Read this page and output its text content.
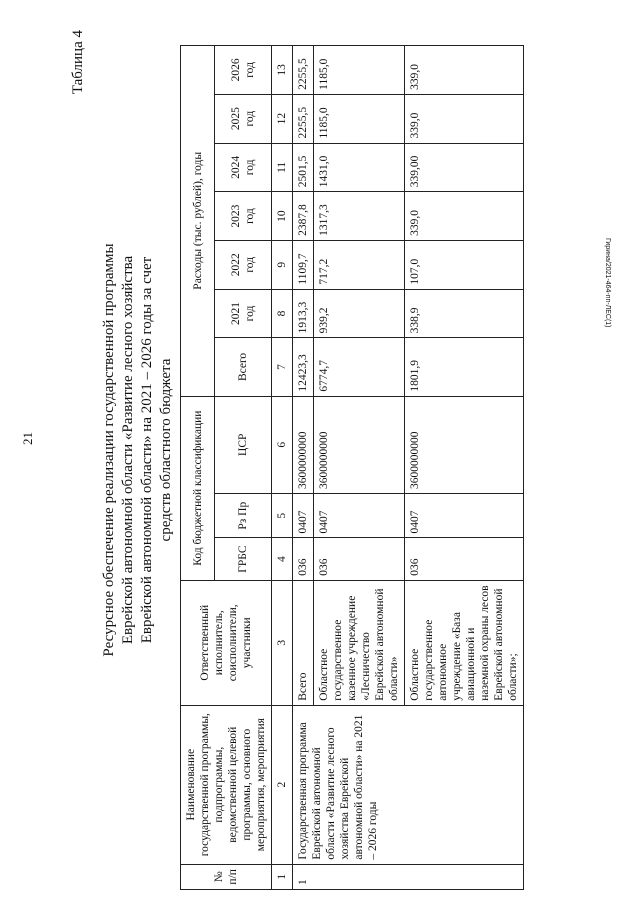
21
Гирина/2021-464-пп-ЛЕС(1)
Таблица 4
Ресурсное обеспечение реализации государственной программы Еврейской автономной области «Развитие лесного хозяйства Еврейской автономной области» на 2021 – 2026 годы за счет средств областного бюджета
№ п/п	Наименование государственной программы, подпрограммы, ведомственной целевой программы, основного мероприятия, мероприятия	Ответственный исполнитель, соисполнители, участники	Код бюджетной классификации			Расходы (тыс. рублей), годы						
			ГРБС	Рз Пр	ЦСР	Всего	2021 год	2022 год	2023 год	2024 год	2025 год	2026 год
1	2	3	4	5	6	7	8	9	10	11	12	13
1	Государственная программа Еврейской автономной области «Развитие лесного хозяйства Еврейской автономной области» на 2021 – 2026 годы	Всего	036	0407	3600000000	12423,3	1913,3	1109,7	2387,8	2501,5	2255,5	2255,5
		Областное государственное казенное учреждение «Лесничество Еврейской автономной области»	036	0407	3600000000	6774,7	939,2	717,2	1317,3	1431,0	1185,0	1185,0
		Областное государственное автономное учреждение «База авиационной и наземной охраны лесов Еврейской автономной области»;	036	0407	3600000000	1801,9	338,9	107,0	339,0	339,00	339,0	339,0
